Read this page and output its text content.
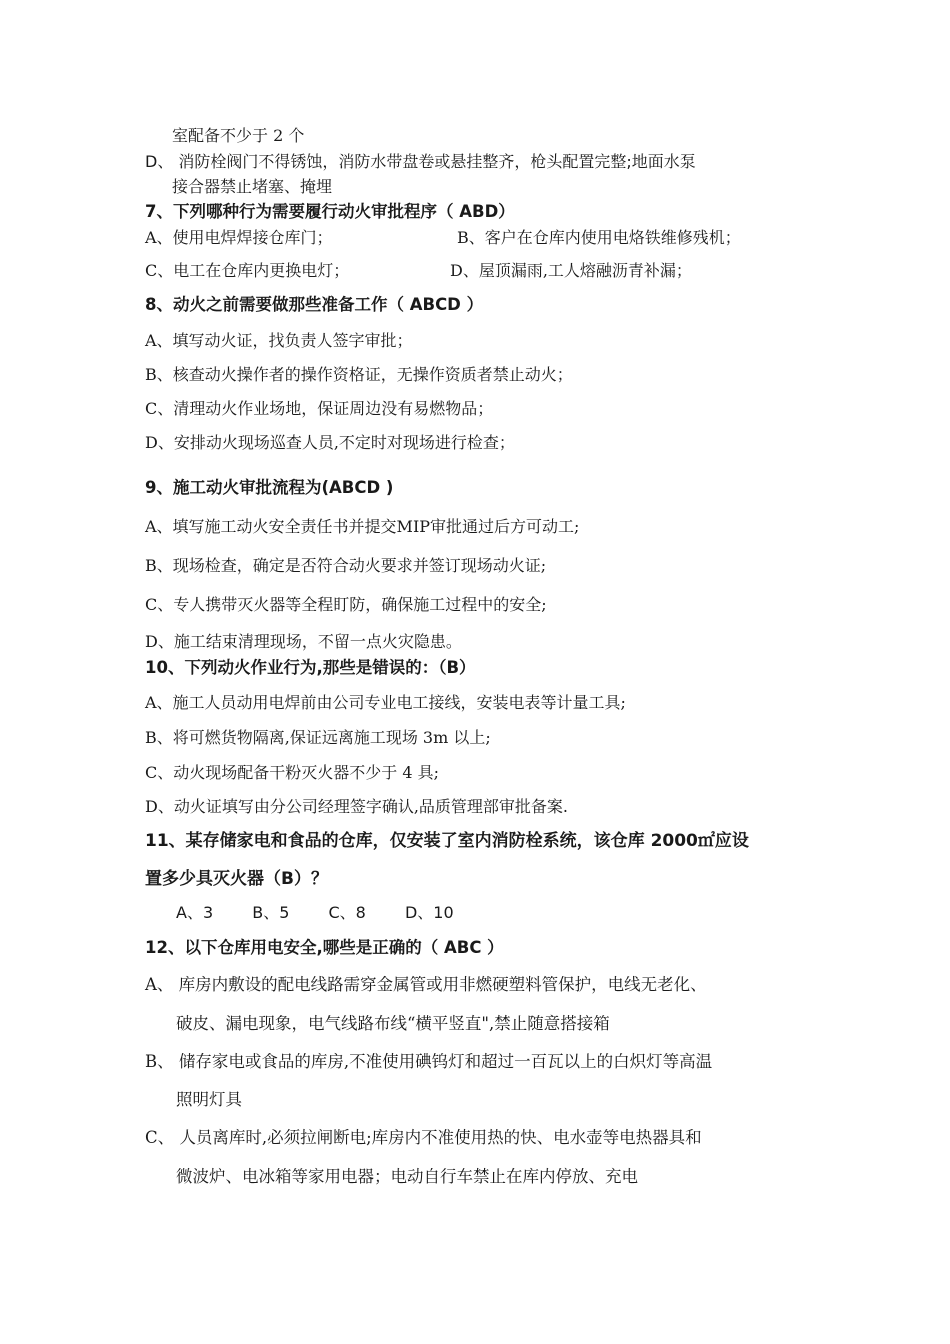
室配备不少于 2 个
D、 消防栓阀门不得锈蚀，消防水带盘卷或悬挂整齐，枪头配置完整;地面水泵
接合器禁止堵塞、掩埋
7、下列哪种行为需要履行动火审批程序（ ABD）
A、使用电焊焊接仓库门；	B、客户在仓库内使用电烙铁维修残机；
C、电工在仓库内更换电灯；	D、屋顶漏雨,工人熔融沥青补漏；
8、动火之前需要做那些准备工作（ ABCD ）
A、填写动火证，找负责人签字审批；
B、核查动火操作者的操作资格证，无操作资质者禁止动火；
C、清理动火作业场地，保证周边没有易燃物品；
D、安排动火现场巡查人员,不定时对现场进行检查；
9、施工动火审批流程为(ABCD )
A、填写施工动火安全责任书并提交MIP审批通过后方可动工;
B、现场检查，确定是否符合动火要求并签订现场动火证;
C、专人携带灭火器等全程盯防，确保施工过程中的安全;
D、施工结束清理现场，不留一点火灾隐患。
10、下列动火作业行为,那些是错误的：（B）
A、施工人员动用电焊前由公司专业电工接线，安装电表等计量工具;
B、将可燃货物隔离,保证远离施工现场 3m 以上;
C、动火现场配备干粉灭火器不少于 4 具;
D、动火证填写由分公司经理签字确认,品质管理部审批备案.
11、某存储家电和食品的仓库，仅安装了室内消防栓系统，该仓库 2000㎡应设
置多少具灭火器（B）？
A、3 B、5 C、8 D、10
12、以下仓库用电安全,哪些是正确的（ ABC ）
A、 库房内敷设的配电线路需穿金属管或用非燃硬塑料管保护，电线无老化、
破皮、漏电现象，电气线路布线“横平竖直",禁止随意搭接箱
B、 储存家电或食品的库房,不准使用碘钨灯和超过一百瓦以上的白炽灯等高温
照明灯具
C、 人员离库时,必须拉闸断电;库房内不准使用热的快、电水壶等电热器具和
微波炉、电冰箱等家用电器；电动自行车禁止在库内停放、充电
